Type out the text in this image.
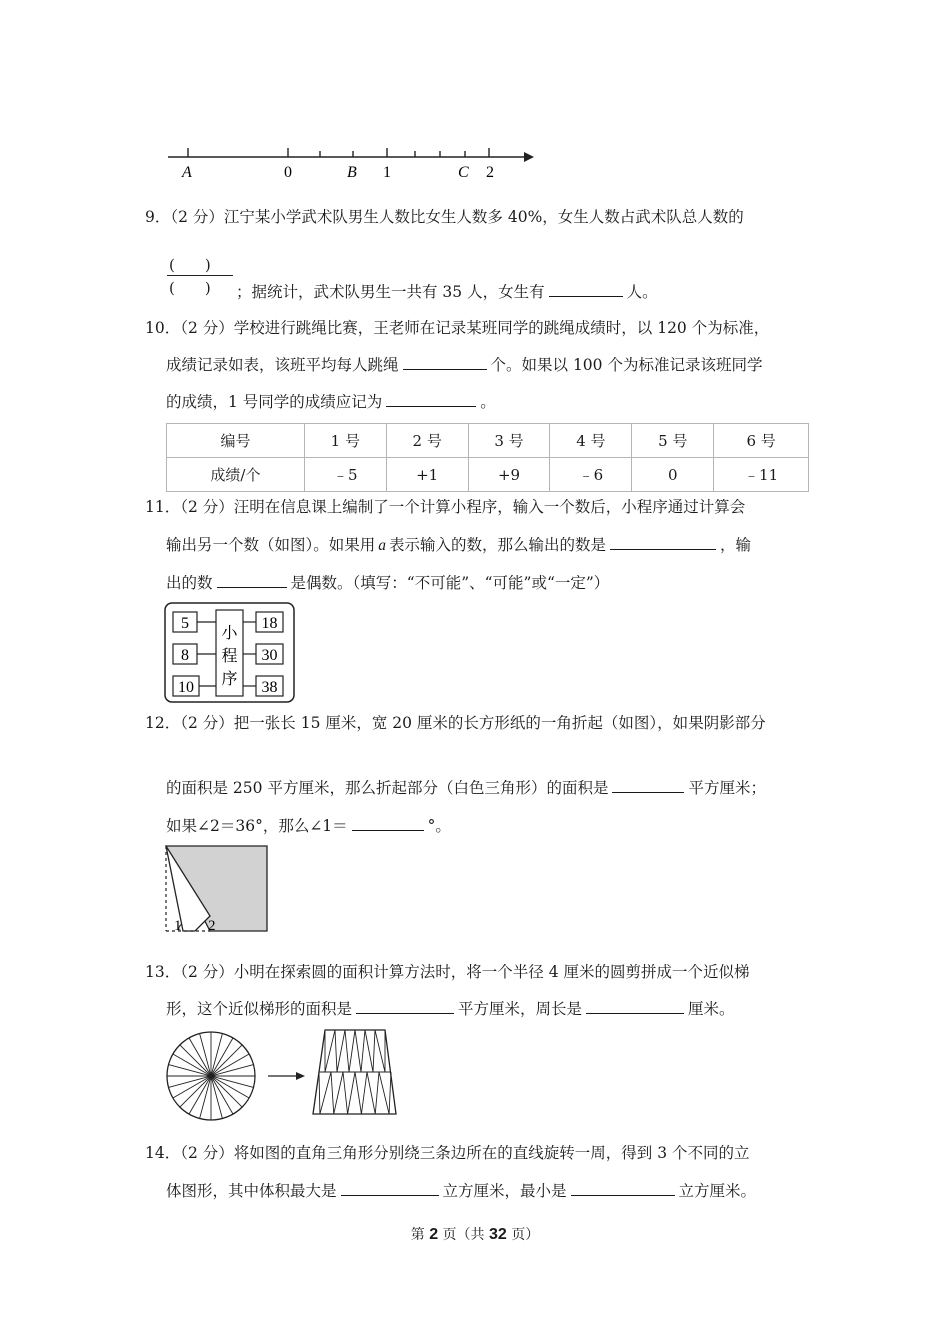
A	0	B 1	C 2
9．（2 分）江宁某小学武术队男生人数比女生人数多 40%，女生人数占武术队总人数的
(　　)
(　　) ；据统计，武术队男生一共有 35 人，女生有	人。
10．（2 分）学校进行跳绳比赛，王老师在记录某班同学的跳绳成绩时，以 120 个为标准，
成绩记录如表，该班平均每人跳绳	个。如果以 100 个为标准记录该班同学
的成绩，1 号同学的成绩应记为	。
编号	1 号	2 号	3 号	4 号	5 号	6 号
成绩/个	﹣5	+1	+9	﹣6	0	﹣11
11．（2 分）汪明在信息课上编制了一个计算小程序，输入一个数后，小程序通过计算会
输出另一个数（如图）。如果用 a 表示输入的数，那么输出的数是	，输
出的数	是偶数。（填写：“不可能”、“可能”或“一定”）
5
8
10
18
30
38
小
程
序
12．（2 分）把一张长 15 厘米，宽 20 厘米的长方形纸的一角折起（如图），如果阴影部分
的面积是 250 平方厘米，那么折起部分（白色三角形）的面积是	平方厘米；
如果∠2＝36°，那么∠1＝	°。
1 2
13．（2 分）小明在探索圆的面积计算方法时，将一个半径 4 厘米的圆剪拼成一个近似梯
形，这个近似梯形的面积是	平方厘米，周长是	厘米。
14．（2 分）将如图的直角三角形分别绕三条边所在的直线旋转一周，得到 3 个不同的立
体图形，其中体积最大是	立方厘米，最小是	立方厘米。
第 2 页（共 32 页）
